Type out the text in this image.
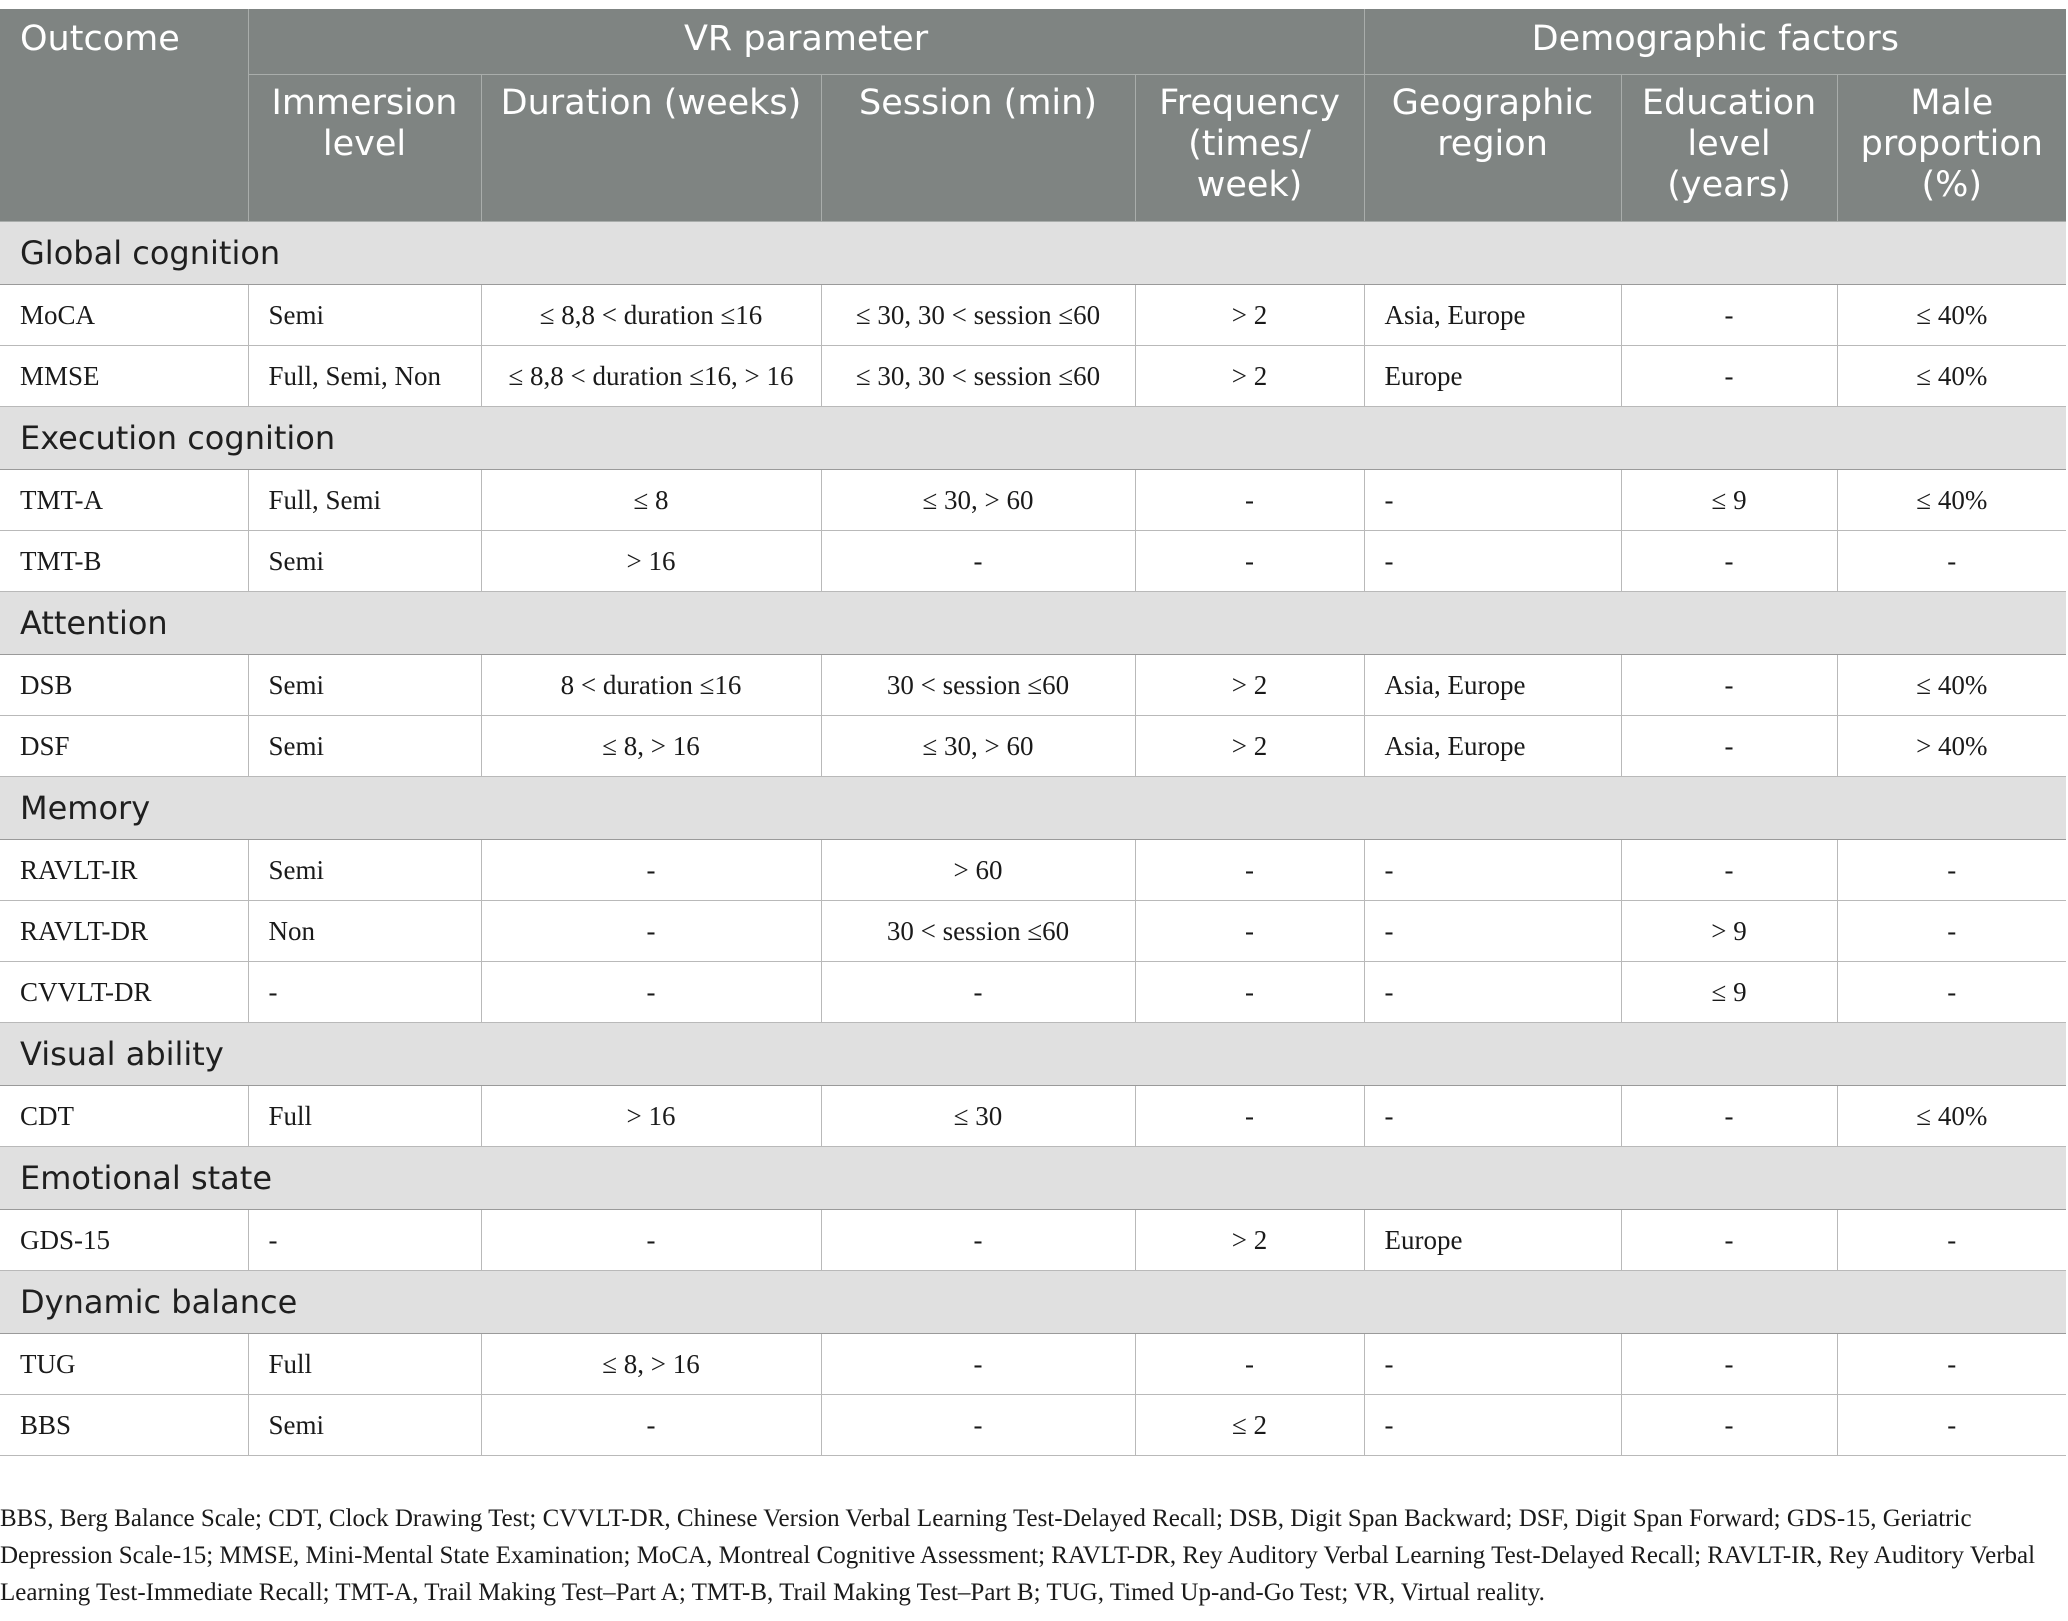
Outcome	VR parameter				Demographic factors		
	Immersion level	Duration (weeks)	Session (min)	Frequency (times/ week)	Geographic region	Education level (years)	Male proportion (%)
Global cognition							
MoCA	Semi	≤ 8,8 < duration ≤16	≤ 30, 30 < session ≤60	> 2	Asia, Europe	-	≤ 40%
MMSE	Full, Semi, Non	≤ 8,8 < duration ≤16, > 16	≤ 30, 30 < session ≤60	> 2	Europe	-	≤ 40%
Execution cognition							
TMT-A	Full, Semi	≤ 8	≤ 30, > 60	-	-	≤ 9	≤ 40%
TMT-B	Semi	> 16	-	-	-	-	-
Attention							
DSB	Semi	8 < duration ≤16	30 < session ≤60	> 2	Asia, Europe	-	≤ 40%
DSF	Semi	≤ 8, > 16	≤ 30, > 60	> 2	Asia, Europe	-	> 40%
Memory							
RAVLT-IR	Semi	-	> 60	-	-	-	-
RAVLT-DR	Non	-	30 < session ≤60	-	-	> 9	-
CVVLT-DR	-	-	-	-	-	≤ 9	-
Visual ability							
CDT	Full	> 16	≤ 30	-	-	-	≤ 40%
Emotional state							
GDS-15	-	-	-	> 2	Europe	-	-
Dynamic balance							
TUG	Full	≤ 8, > 16	-	-	-	-	-
BBS	Semi	-	-	≤ 2	-	-	-
BBS, Berg Balance Scale; CDT, Clock Drawing Test; CVVLT-DR, Chinese Version Verbal Learning Test-Delayed Recall; DSB, Digit Span Backward; DSF, Digit Span Forward; GDS-15, Geriatric Depression Scale-15; MMSE, Mini-Mental State Examination; MoCA, Montreal Cognitive Assessment; RAVLT-DR, Rey Auditory Verbal Learning Test-Delayed Recall; RAVLT-IR, Rey Auditory Verbal Learning Test-Immediate Recall; TMT-A, Trail Making Test–Part A; TMT-B, Trail Making Test–Part B; TUG, Timed Up-and-Go Test; VR, Virtual reality.
